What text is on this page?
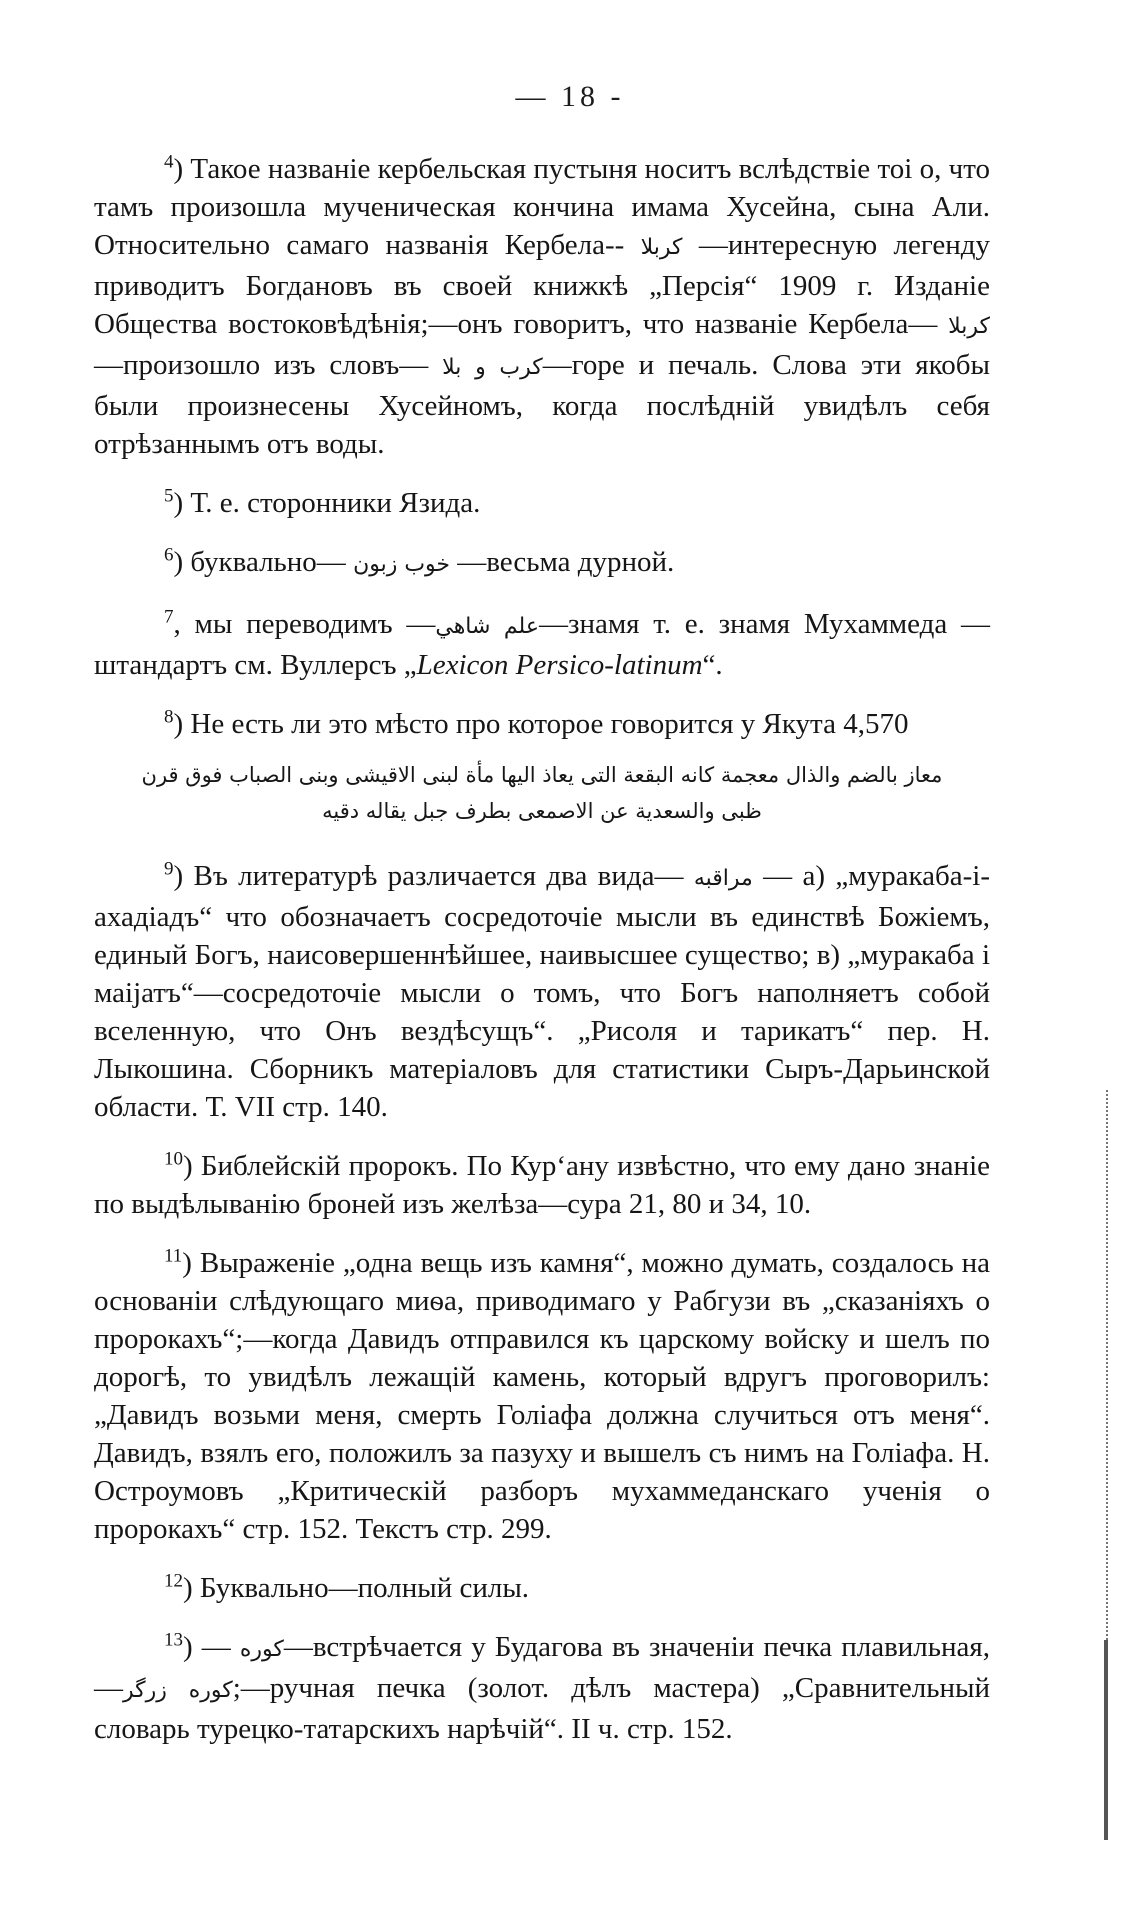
— 18 -

$^4$) Такое названіе кербельская пустыня носитъ вслѣдствіе тоі о, что тамъ произошла мученическая кончина имама Хусейна, сына Али. Относительно самаго названія Кербела-- كربلا —интересную легенду приводитъ Богдановъ въ своей книжкѣ „Персія“ 1909 г. Изданіе Общества востоковѣдѣнія;—онъ говоритъ, что названіе Кербела— كربلا —произошло изъ словъ— كرب و بلا—горе и печаль. Слова эти якобы были произнесены Хусейномъ, когда послѣдній увидѣлъ себя отрѣзаннымъ отъ воды.

$^5$) Т. е. сторонники Язида.

$^6$) буквально— خوب زبون —весьма дурной.

$^7$, мы переводимъ —علم شاهي—знамя т. е. знамя Мухаммеда —штандартъ см. Вуллерсъ „Lexicon Persico-latinum“.

$^8$) Не есть ли это мѣсто про которое говорится у Якута 4,570

معاز بالضم والذال معجمة كانه البقعة التى يعاذ اليها مأة لبنى الاقيشى وبنى الصباب فوق قرن
ظبى والسعدية عن الاصمعى بطرف جبل يقاله دقيه

$^9$) Въ литературѣ различается два вида— مراقبه — а) „муракаба-і-ахадіадъ“ что обозначаетъ сосредоточіе мысли въ единствѣ Божіемъ, единый Богъ, наисовершеннѣйшее, наивысшее существо; в) „муракаба і маіјатъ“—сосредоточіе мысли о томъ, что Богъ наполняетъ собой вселенную, что Онъ вездѣсущъ“. „Рисоля и тарикатъ“ пер. Н. Лыкошина. Сборникъ матеріаловъ для статистики Сыръ-Дарьинской области. Т. VII стр. 140.

$^{10}$) Библейскій пророкъ. По Кур‘ану извѣстно, что ему дано знаніе по выдѣлыванію броней изъ желѣза—сура 21, 80 и 34, 10.

$^{11}$) Выраженіе „одна вещь изъ камня“, можно думать, создалось на основаніи слѣдующаго миѳа, приводимаго у Рабгузи въ „сказаніяхъ о пророкахъ“;—когда Давидъ отправился къ царскому войску и шелъ по дорогѣ, то увидѣлъ лежащій камень, который вдругъ проговорилъ: „Давидъ возьми меня, смерть Голіафа должна случиться отъ меня“. Давидъ, взялъ его, положилъ за пазуху и вышелъ съ нимъ на Голіафа. Н. Остроумовъ „Критическій разборъ мухаммеданскаго ученія о пророкахъ“ стр. 152. Текстъ стр. 299.

$^{12}$) Буквально—полный силы.

$^{13}$) — كوره—встрѣчается у Будагова въ значеніи печка плавильная,—كوره زرگر;—ручная печка (золот. дѣлъ мастера) „Сравнительный словарь турецко-татарскихъ нарѣчій“. II ч. стр. 152.
